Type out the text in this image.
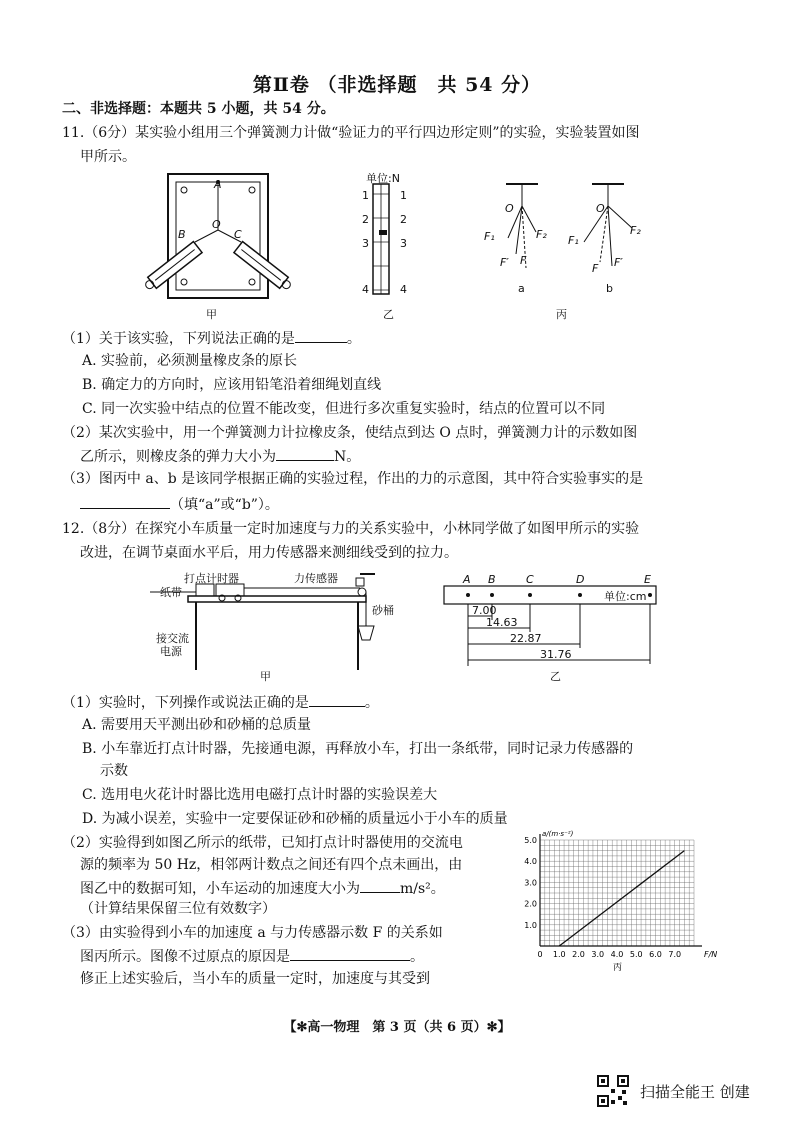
第Ⅱ卷 （非选择题　共 54 分）
二、非选择题：本题共 5 小题，共 54 分。
11.（6分）某实验小组用三个弹簧测力计做“验证力的平行四边形定则”的实验，实验装置如图
甲所示。
A
O
B	C
甲
单位:N
1
2
3
4
1
2
3
4
乙
O
F₁	F₂
F′ F
a
O
F₁
F₂
F F′
b
丙
（1）关于该实验，下列说法正确的是	。
A. 实验前，必须测量橡皮条的原长
B. 确定力的方向时，应该用铅笔沿着细绳划直线
C. 同一次实验中结点的位置不能改变，但进行多次重复实验时，结点的位置可以不同
（2）某次实验中，用一个弹簧测力计拉橡皮条，使结点到达 O 点时，弹簧测力计的示数如图
乙所示，则橡皮条的弹力大小为	N。
（3）图丙中 a、b 是该同学根据正确的实验过程，作出的力的示意图，其中符合实验事实的是
（填“a”或“b”）。
12.（8分）在探究小车质量一定时加速度与力的关系实验中，小林同学做了如图甲所示的实验
改进，在调节桌面水平后，用力传感器来测细线受到的拉力。
打点计时器	力传感器
纸带
砂桶
接交流
电源
甲
A B	C	D	E
单位:cm
7.00
14.63
22.87
31.76
乙
（1）实验时，下列操作或说法正确的是	。
A. 需要用天平测出砂和砂桶的总质量
B. 小车靠近打点计时器，先接通电源，再释放小车，打出一条纸带，同时记录力传感器的
示数
C. 选用电火花计时器比选用电磁打点计时器的实验误差大
D. 为减小误差，实验中一定要保证砂和砂桶的质量远小于小车的质量
（2）实验得到如图乙所示的纸带，已知打点计时器使用的交流电
源的频率为 50 Hz，相邻两计数点之间还有四个点未画出，由
图乙中的数据可知，小车运动的加速度大小为	m/s²。
（计算结果保留三位有效数字）
（3）由实验得到小车的加速度 a 与力传感器示数 F 的关系如
图丙所示。图像不过原点的原因是	。
修正上述实验后，当小车的质量一定时，加速度与其受到
0 1.0 2.0 3.0 4.0 5.0 6.0 7.0
1.0
2.0
3.0
4.0
5.0
F/N
a/(m·s⁻²)
丙
【✻高一物理　第 3 页（共 6 页）✻】
扫描全能王 创建
